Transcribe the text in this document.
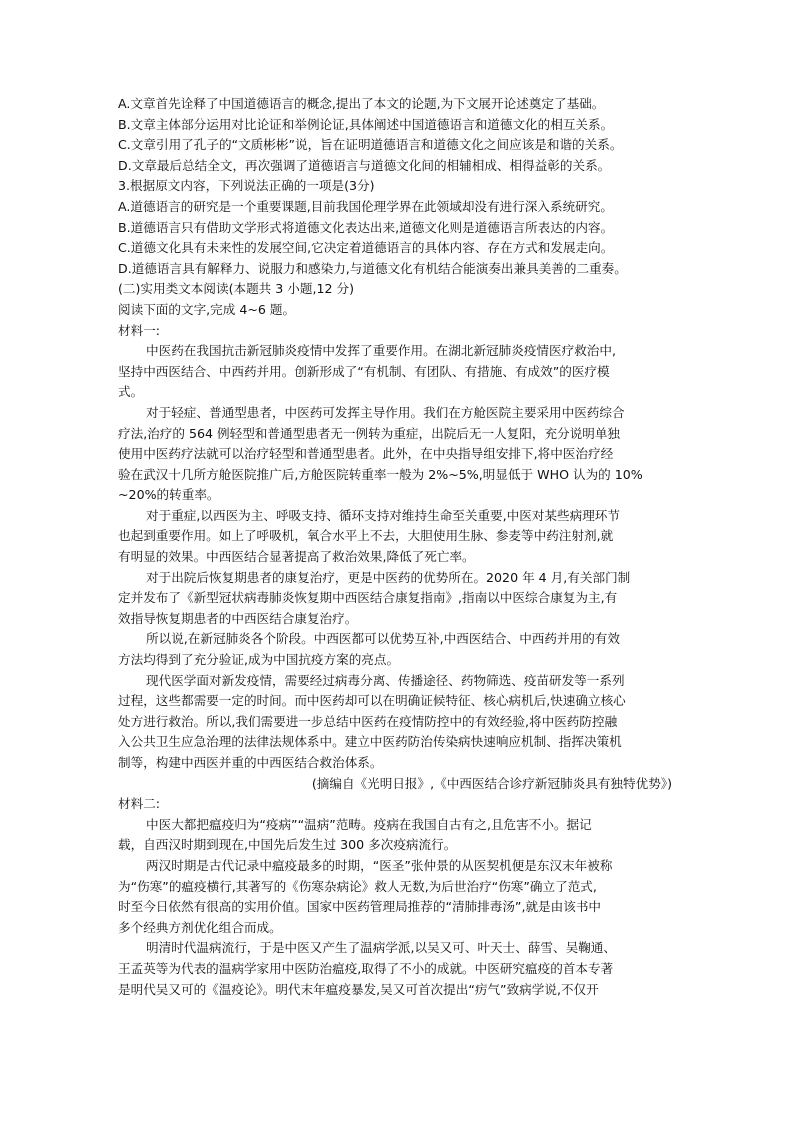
A.文章首先诠释了中国道德语言的概念,提出了本文的论题,为下文展开论述奠定了基础。
B.文章主体部分运用对比论证和举例论证,具体阐述中国道德语言和道德文化的相互关系。
C.文章引用了孔子的“文质彬彬”说，旨在证明道德语言和道德文化之间应该是和谐的关系。
D.文章最后总结全文，再次强调了道德语言与道德文化间的相辅相成、相得益彰的关系。
3.根据原文内容，下列说法正确的一项是(3分)
A.道德语言的研究是一个重要课题,目前我国伦理学界在此领域却没有进行深入系统研究。
B.道德语言只有借助文学形式将道德文化表达出来,道德文化则是道德语言所表达的内容。
C.道德文化具有未来性的发展空间,它决定着道德语言的具体内容、存在方式和发展走向。
D.道德语言具有解释力、说服力和感染力,与道德文化有机结合能演奏出兼具美善的二重奏。
(二)实用类文本阅读(本题共 3 小题,12 分)
阅读下面的文字,完成 4~6 题。
材料一:
中医药在我国抗击新冠肺炎疫情中发挥了重要作用。在湖北新冠肺炎疫情医疗救治中,
坚持中西医结合、中西药并用。创新形成了“有机制、有团队、有措施、有成效”的医疗模
式。
对于轻症、普通型患者，中医药可发挥主导作用。我们在方舱医院主要采用中医药综合
疗法,治疗的 564 例轻型和普通型患者无一例转为重症，出院后无一人复阳，充分说明单独
使用中医药疗法就可以治疗轻型和普通型患者。此外，在中央指导组安排下,将中医治疗经
验在武汉十几所方舱医院推广后,方舱医院转重率一般为 2%~5%,明显低于 WHO 认为的 10%
~20%的转重率。
对于重症,以西医为主、呼吸支持、循环支持对维持生命至关重要,中医对某些病理环节
也起到重要作用。如上了呼吸机，氧合水平上不去，大胆使用生脉、参麦等中药注射剂,就
有明显的效果。中西医结合显著提高了救治效果,降低了死亡率。
对于出院后恢复期患者的康复治疗，更是中医药的优势所在。2020 年 4 月,有关部门制
定并发布了《新型冠状病毒肺炎恢复期中西医结合康复指南》,指南以中医综合康复为主,有
效指导恢复期患者的中西医结合康复治疗。
所以说,在新冠肺炎各个阶段。中西医都可以优势互补,中西医结合、中西药并用的有效
方法均得到了充分验证,成为中国抗疫方案的亮点。
现代医学面对新发疫情，需要经过病毒分离、传播途径、药物筛选、疫苗研发等一系列
过程，这些都需要一定的时间。而中医药却可以在明确证候特征、核心病机后,快速确立核心
处方进行救治。所以,我们需要进一步总结中医药在疫情防控中的有效经验,将中医药防控融
入公共卫生应急治理的法律法规体系中。建立中医药防治传染病快速响应机制、指挥决策机
制等，构建中西医并重的中西医结合救治体系。
(摘编自《光明日报》,《中西医结合诊疗新冠肺炎具有独特优势》)
材料二:
中医大都把瘟疫归为“疫病”“温病”范畴。疫病在我国自古有之,且危害不小。据记
载，自西汉时期到现在,中国先后发生过 300 多次疫病流行。
两汉时期是古代记录中瘟疫最多的时期，“医圣”张仲景的从医契机便是东汉末年被称
为“伤寒”的瘟疫横行,其著写的《伤寒杂病论》救人无数,为后世治疗“伤寒”确立了范式,
时至今日依然有很高的实用价值。国家中医药管理局推荐的“清肺排毒汤”,就是由该书中
多个经典方剂优化组合而成。
明清时代温病流行，于是中医又产生了温病学派,以吴又可、叶天士、薛雪、吴鞠通、
王孟英等为代表的温病学家用中医防治瘟疫,取得了不小的成就。中医研究瘟疫的首本专著
是明代吴又可的《温疫论》。明代末年瘟疫暴发,吴又可首次提出“疠气”致病学说,不仅开
